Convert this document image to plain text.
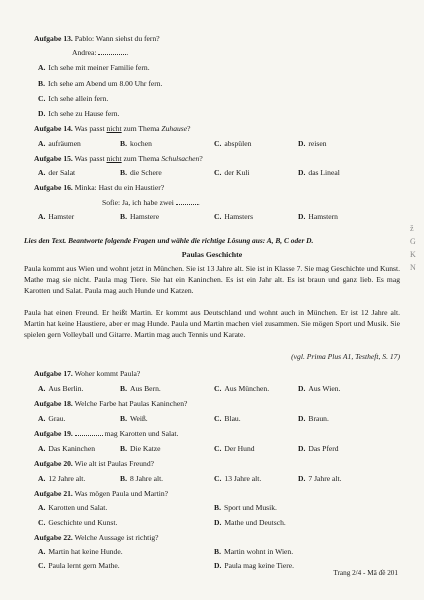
Aufgabe 13. Pablo: Wann siehst du fern?
Andrea:	.
A. Ich sehe mit meiner Familie fern.
B. Ich sehe am Abend um 8.00 Uhr fern.
C. Ich sehe allein fern.
D. Ich sehe zu Hause fern.
Aufgabe 14. Was passt nicht zum Thema Zuhause?
A. aufräumen	B. kochen	C. abspülen	D. reisen
Aufgabe 15. Was passt nicht zum Thema Schulsachen?
A. der Salat	B. die Schere	C. der Kuli	D. das Lineal
Aufgabe 16. Minka: Hast du ein Haustier?
Sofie: Ja, ich habe zwei	.
A. Hamster	B. Hamstere	C. Hamsters	D. Hamstern
Lies den Text. Beantworte folgende Fragen und wähle die richtige Lösung aus: A, B, C oder D.
Paulas Geschichte
Paula kommt aus Wien und wohnt jetzt in München. Sie ist 13 Jahre alt. Sie ist in Klasse 7. Sie mag Geschichte und Kunst. Mathe mag sie nicht. Paula mag Tiere. Sie hat ein Kaninchen. Es ist ein Jahr alt. Es ist braun und ganz lieb. Es mag Karotten und Salat. Paula mag auch Hunde und Katzen.
Paula hat einen Freund. Er heißt Martin. Er kommt aus Deutschland und wohnt auch in München. Er ist 12 Jahre alt. Martin hat keine Haustiere, aber er mag Hunde. Paula und Martin machen viel zusammen. Sie mögen Sport und Musik. Sie spielen gern Volleyball und Gitarre. Martin mag auch Tennis und Karate.
(vgl. Prima Plus A1, Testheft, S. 17)
Aufgabe 17. Woher kommt Paula?
A. Aus Berlin.	B. Aus Bern.	C. Aus München.	D. Aus Wien.
Aufgabe 18. Welche Farbe hat Paulas Kaninchen?
A. Grau.	B. Weiß.	C. Blau.	D. Braun.
Aufgabe 19.	mag Karotten und Salat.
A. Das Kaninchen	B. Die Katze	C. Der Hund	D. Das Pferd
Aufgabe 20. Wie alt ist Paulas Freund?
A. 12 Jahre alt.	B. 8 Jahre alt.	C. 13 Jahre alt.	D. 7 Jahre alt.
Aufgabe 21. Was mögen Paula und Martin?
A. Karotten und Salat.	B. Sport und Musik.
C. Geschichte und Kunst.	D. Mathe und Deutsch.
Aufgabe 22. Welche Aussage ist richtig?
A. Martin hat keine Hunde.	B. Martin wohnt in Wien.
C. Paula lernt gern Mathe.	D. Paula mag keine Tiere.
ž
G
K
N
Trang 2/4 - Mã đề 201
